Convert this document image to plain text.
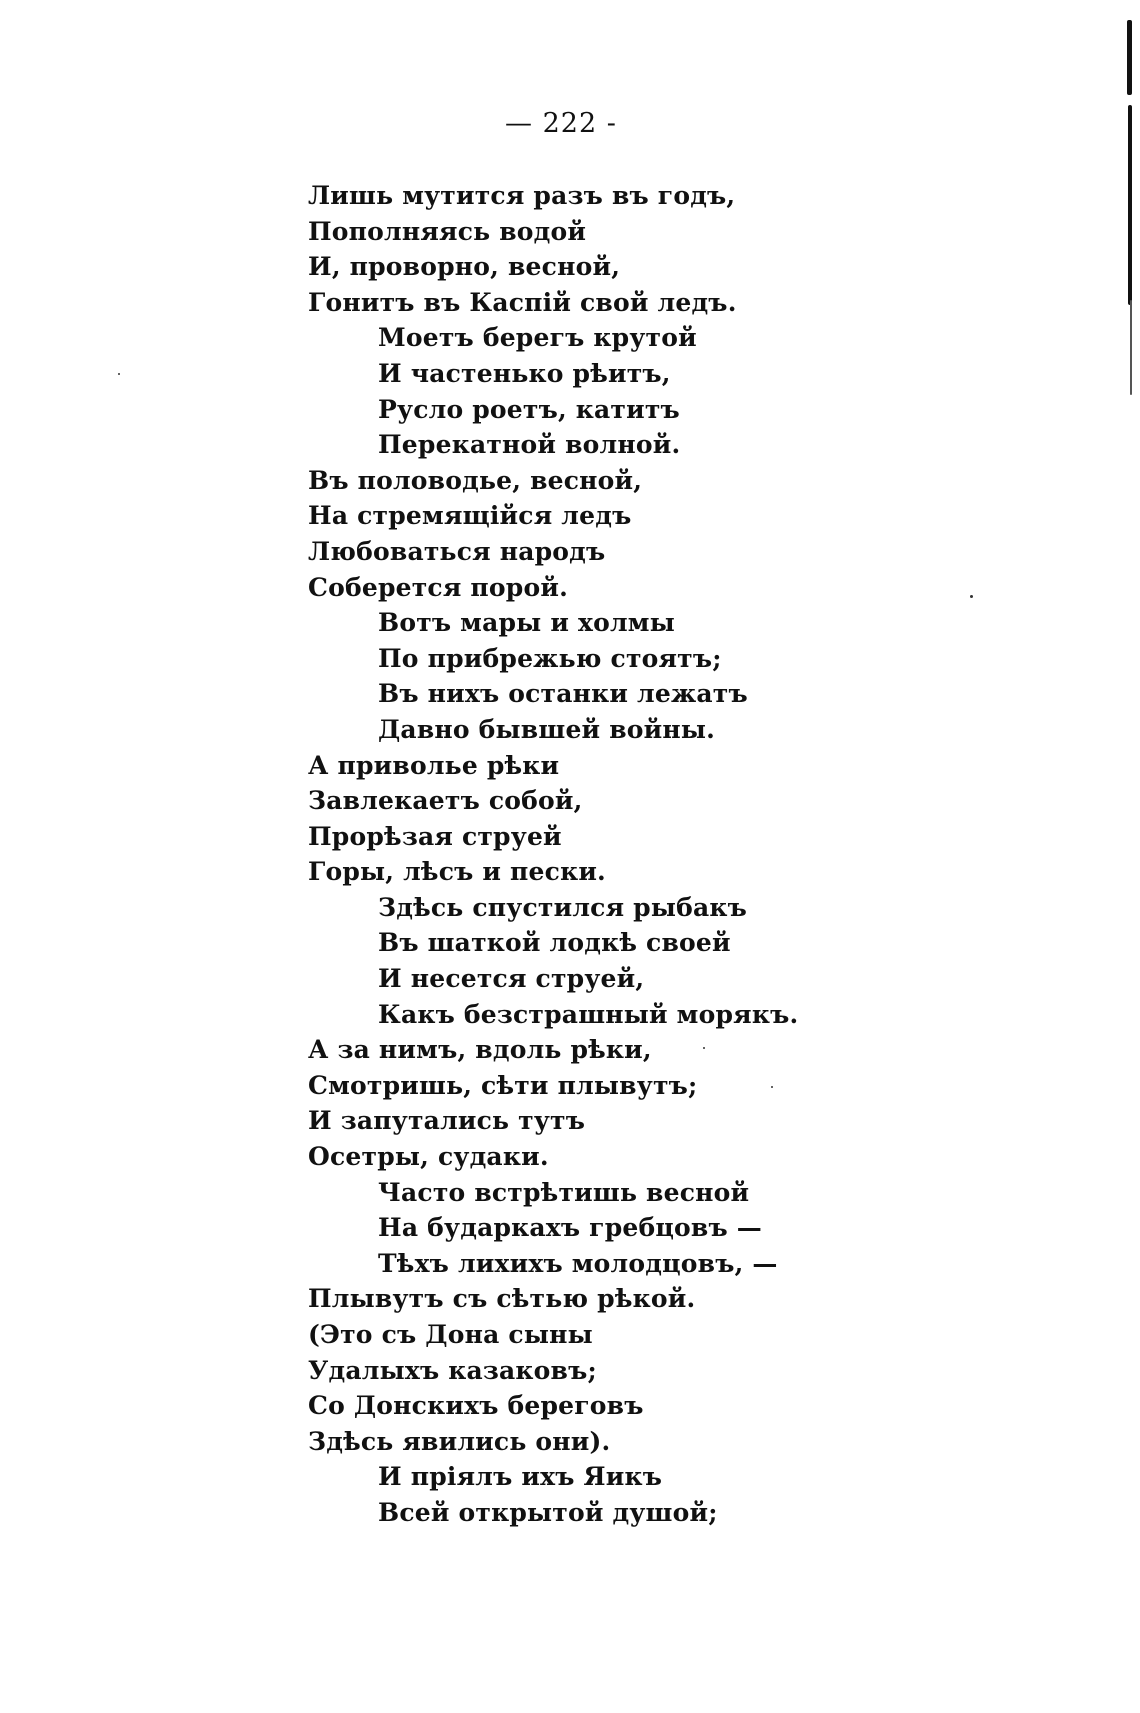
— 222 -
Лишь мутится разъ въ годъ,
Пополняясь водой
И, проворно, весной,
Гонитъ въ Каспiй свой ледъ.
Моетъ берегъ крутой
И частенько рѣитъ,
Русло роетъ, катитъ
Перекатной волной.
Въ половодье, весной,
На стремящiйся ледъ
Любоваться народъ
Соберется порой.
Вотъ мары и холмы
По прибрежью стоятъ;
Въ нихъ останки лежатъ
Давно бывшей войны.
А приволье рѣки
Завлекаетъ собой,
Прорѣзая струей
Горы, лѣсъ и пески.
Здѣсь спустился рыбакъ
Въ шаткой лодкѣ своей
И несется струей,
Какъ безстрашный морякъ.
А за нимъ, вдоль рѣки,
Смотришь, сѣти плывутъ;
И запутались тутъ
Осетры, судаки.
Часто встрѣтишь весной
На бударкахъ гребцовъ —
Тѣхъ лихихъ молодцовъ, —
Плывутъ съ сѣтью рѣкой.
(Это съ Дона сыны
Удалыхъ казаковъ;
Со Донскихъ береговъ
Здѣсь явились они).
И прiялъ ихъ Яикъ
Всей открытой душой;
